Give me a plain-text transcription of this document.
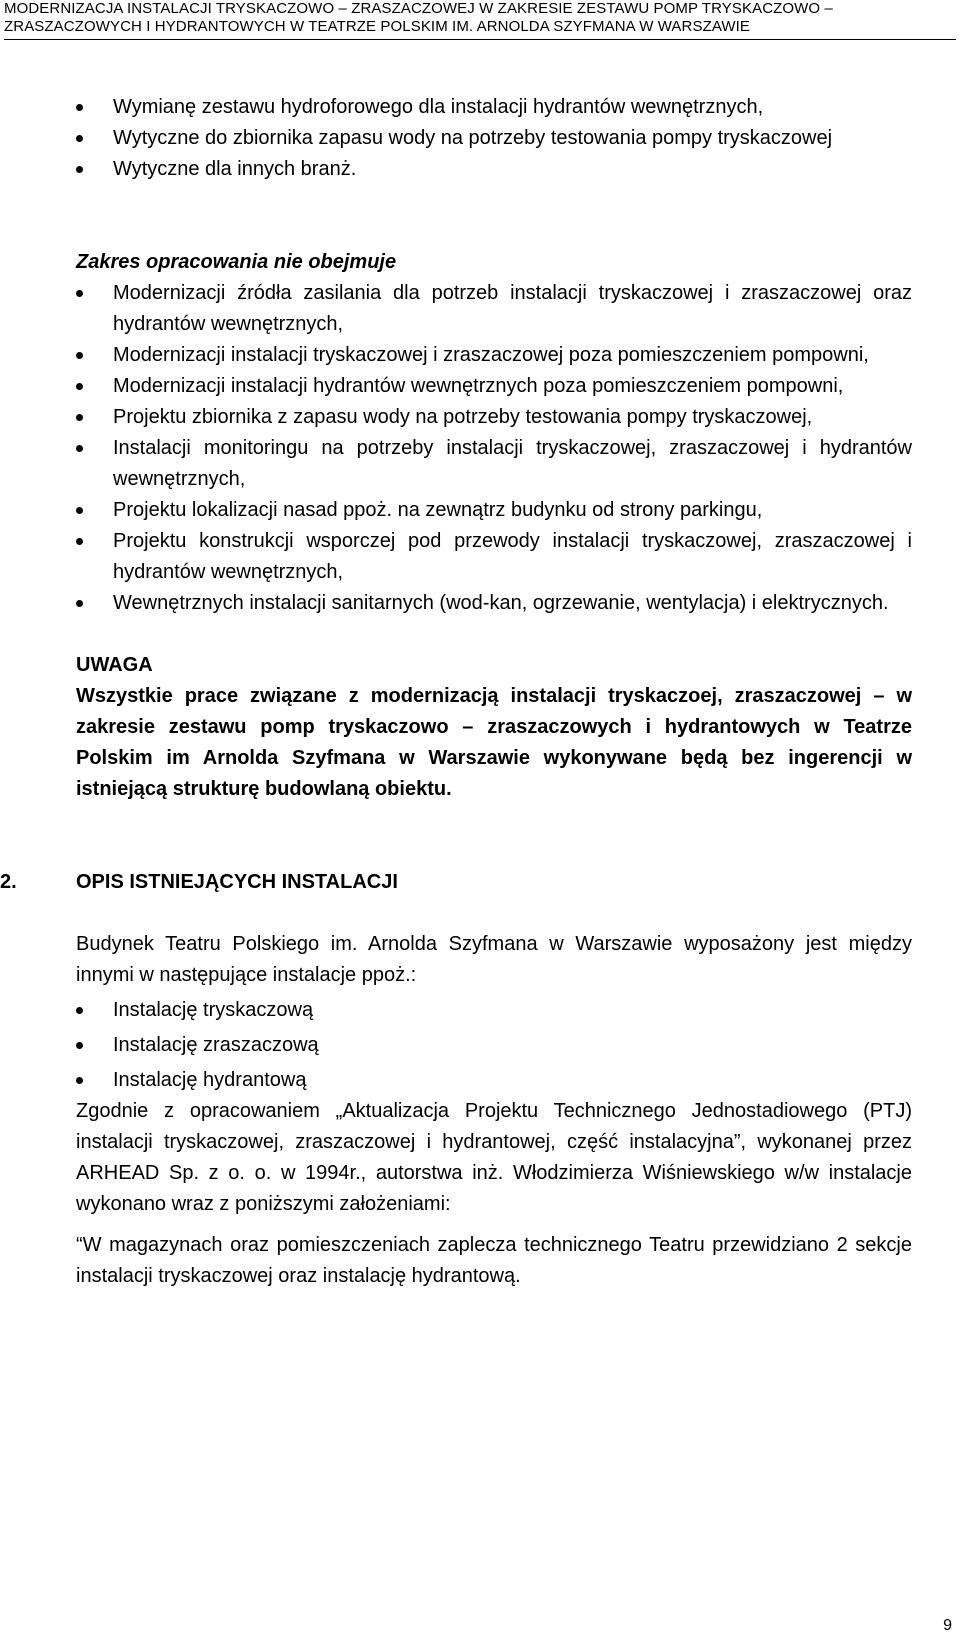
MODERNIZACJA INSTALACJI TRYSKACZOWO – ZRASZACZOWEJ W ZAKRESIE ZESTAWU POMP TRYSKACZOWO –
ZRASZACZOWYCH I HYDRANTOWYCH W TEATRZE POLSKIM IM. ARNOLDA SZYFMANA W WARSZAWIE
Wymianę zestawu hydroforowego dla instalacji hydrantów wewnętrznych,
Wytyczne do zbiornika zapasu wody na potrzeby testowania pompy tryskaczowej
Wytyczne dla innych branż.

Zakres opracowania nie obejmuje

Modernizacji źródła zasilania dla potrzeb instalacji tryskaczowej i zraszaczowej oraz hydrantów wewnętrznych,
Modernizacji instalacji tryskaczowej i zraszaczowej poza pomieszczeniem pompowni,
Modernizacji instalacji hydrantów wewnętrznych poza pomieszczeniem pompowni,
Projektu zbiornika z zapasu wody na potrzeby testowania pompy tryskaczowej,
Instalacji monitoringu na potrzeby instalacji tryskaczowej, zraszaczowej i hydrantów wewnętrznych,
Projektu lokalizacji nasad ppoż. na zewnątrz budynku od strony parkingu,
Projektu konstrukcji wsporczej pod przewody instalacji tryskaczowej, zraszaczowej i hydrantów wewnętrznych,
Wewnętrznych instalacji sanitarnych (wod-kan, ogrzewanie, wentylacja) i elektrycznych.

UWAGA

Wszystkie prace związane z modernizacją instalacji tryskaczoej, zraszaczowej – w zakresie zestawu pomp tryskaczowo – zraszaczowych i hydrantowych w Teatrze Polskim im Arnolda Szyfmana w Warszawie wykonywane będą bez ingerencji w istniejącą strukturę budowlaną obiektu.

2.	OPIS ISTNIEJĄCYCH INSTALACJI

Budynek Teatru Polskiego im. Arnolda Szyfmana w Warszawie wyposażony jest między innymi w następujące instalacje ppoż.:

Instalację tryskaczową
Instalację zraszaczową
Instalację hydrantową

Zgodnie z opracowaniem „Aktualizacja Projektu Technicznego Jednostadiowego (PTJ) instalacji tryskaczowej, zraszaczowej i hydrantowej, część instalacyjna”, wykonanej przez ARHEAD Sp. z o. o. w 1994r., autorstwa inż. Włodzimierza Wiśniewskiego w/w instalacje wykonano wraz z poniższymi założeniami:

“W magazynach oraz pomieszczeniach zaplecza technicznego Teatru przewidziano 2 sekcje instalacji tryskaczowej oraz instalację hydrantową.

9
